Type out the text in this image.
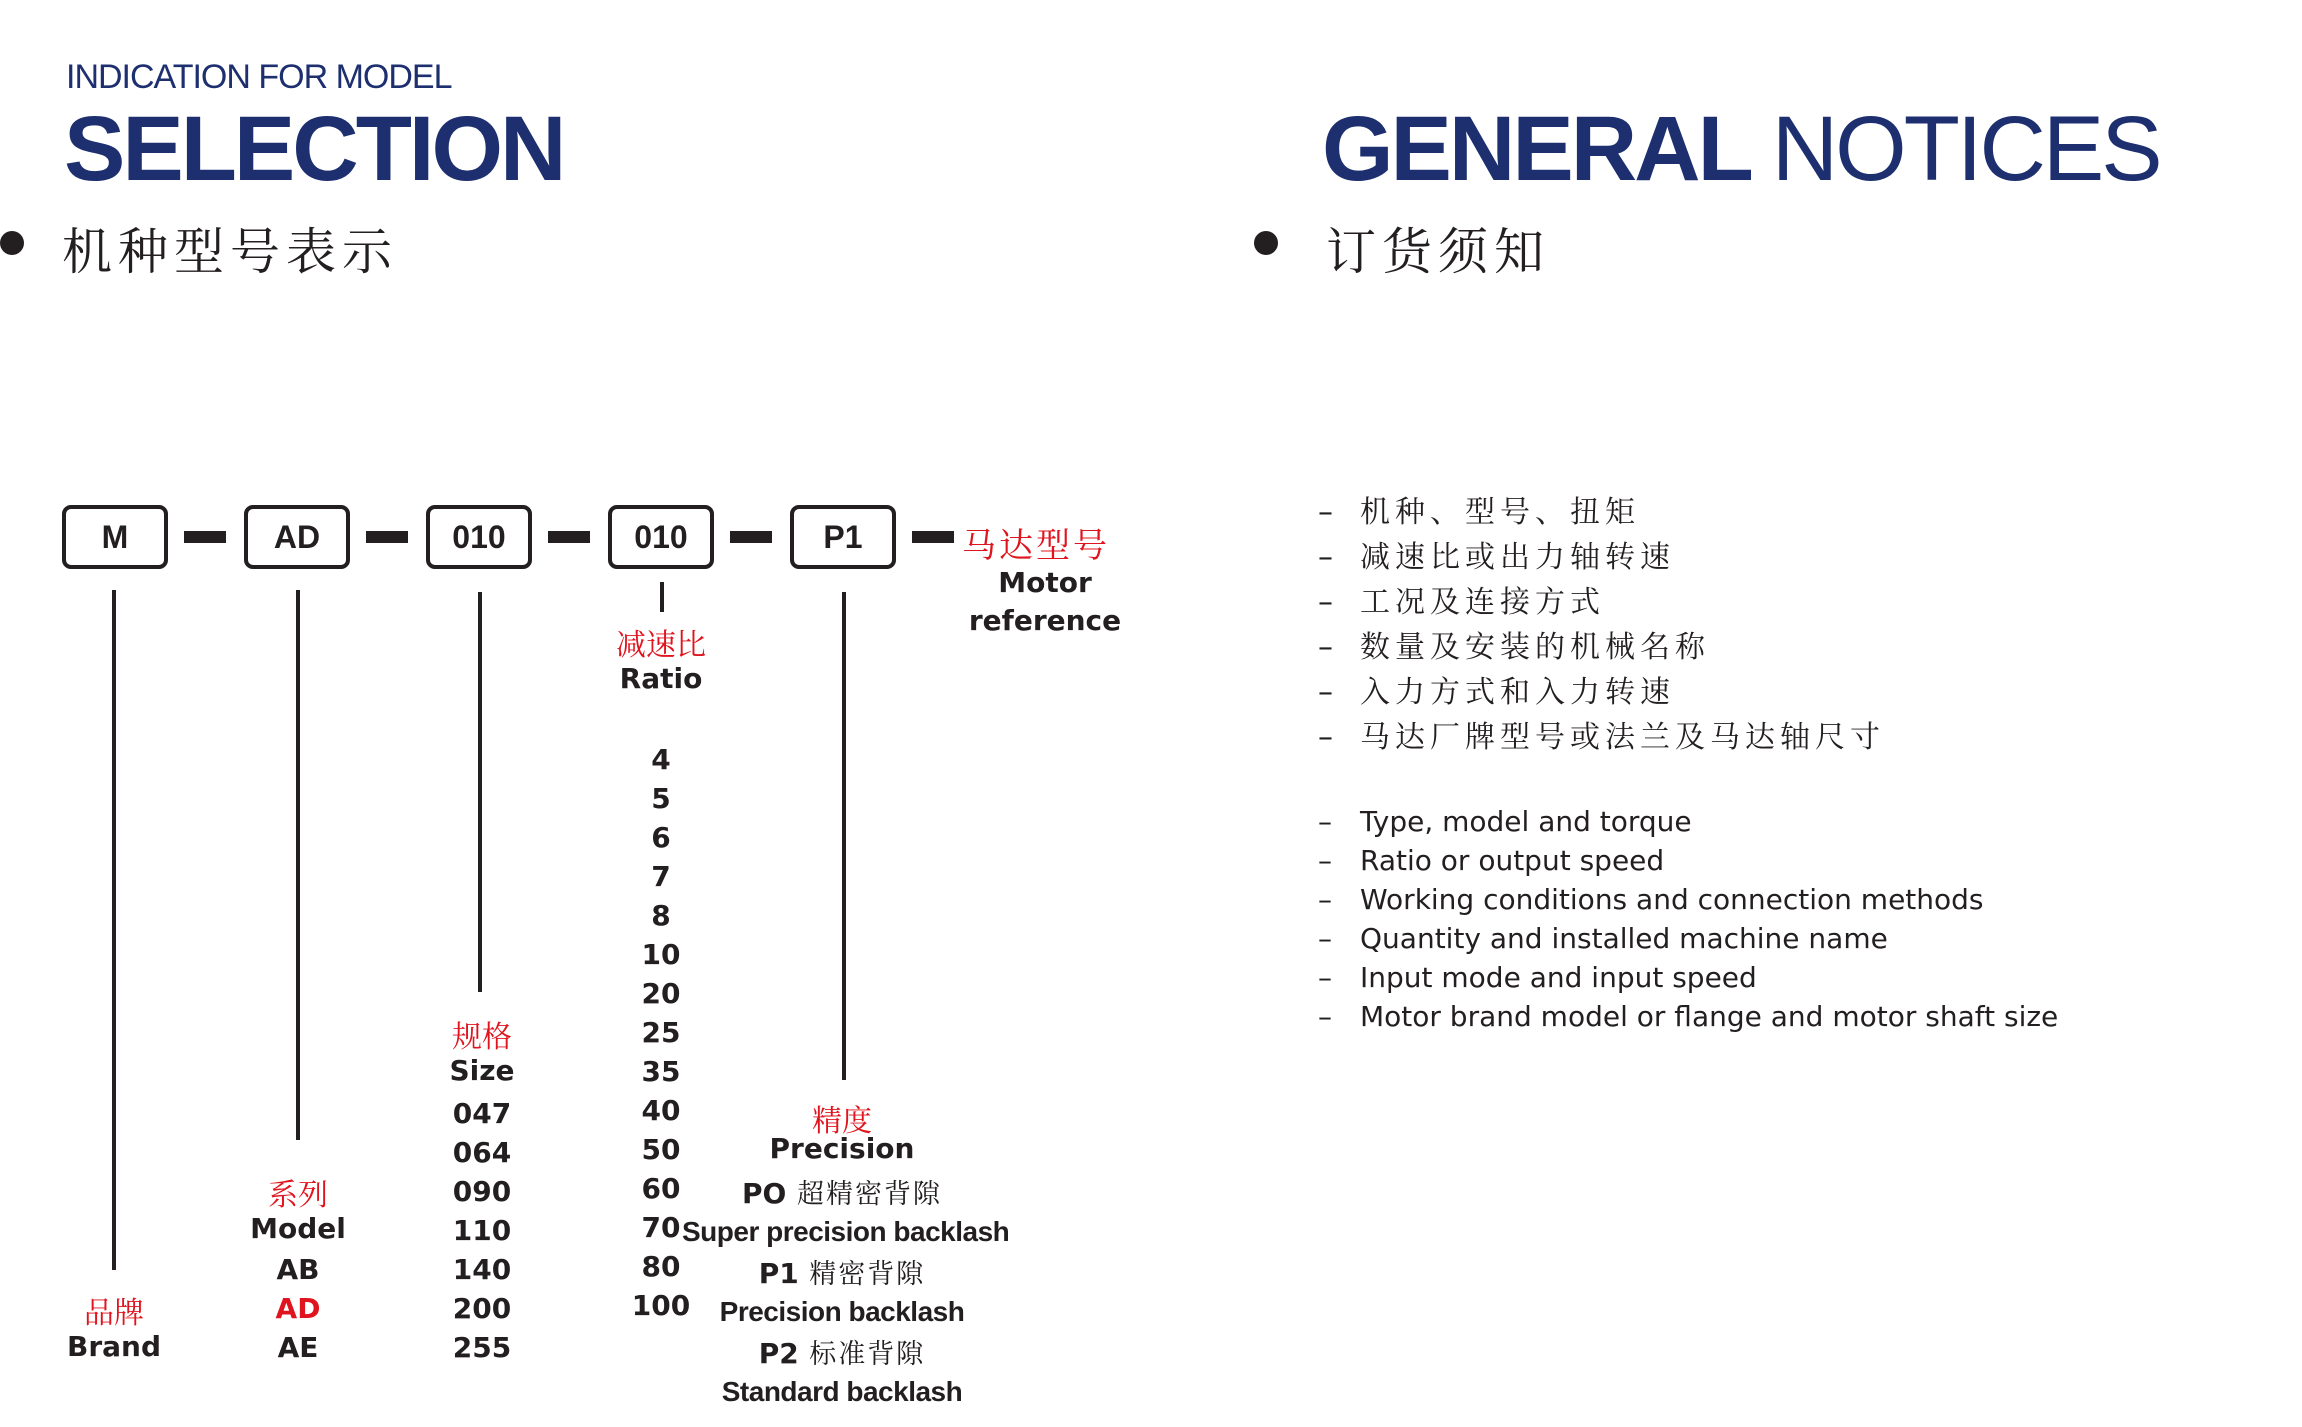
INDICATION FOR MODEL
SELECTION
机种型号表示
GENERAL NOTICES
订货须知
M	AD	010	010	P1	马达型号
Motor
reference
品牌
Brand
系列
Model
AB
AD
AE
规格
Size
047
064
090
110
140
200
255
减速比
Ratio
4
5
6
7
8
10
20
25
35
40
50
60
70
80
100
精度
Precision
PO 超精密背隙
Super precision backlash
P1 精密背隙
Precision backlash
P2 标准背隙
Standard backlash
– 机种、型号、扭矩
– 减速比或出力轴转速
– 工况及连接方式
– 数量及安装的机械名称
– 入力方式和入力转速
– 马达厂牌型号或法兰及马达轴尺寸
–	Type, model and torque
–	Ratio or output speed
–	Working conditions and connection methods
–	Quantity and installed machine name
–	Input mode and input speed
–	Motor brand model or flange and motor shaft size
